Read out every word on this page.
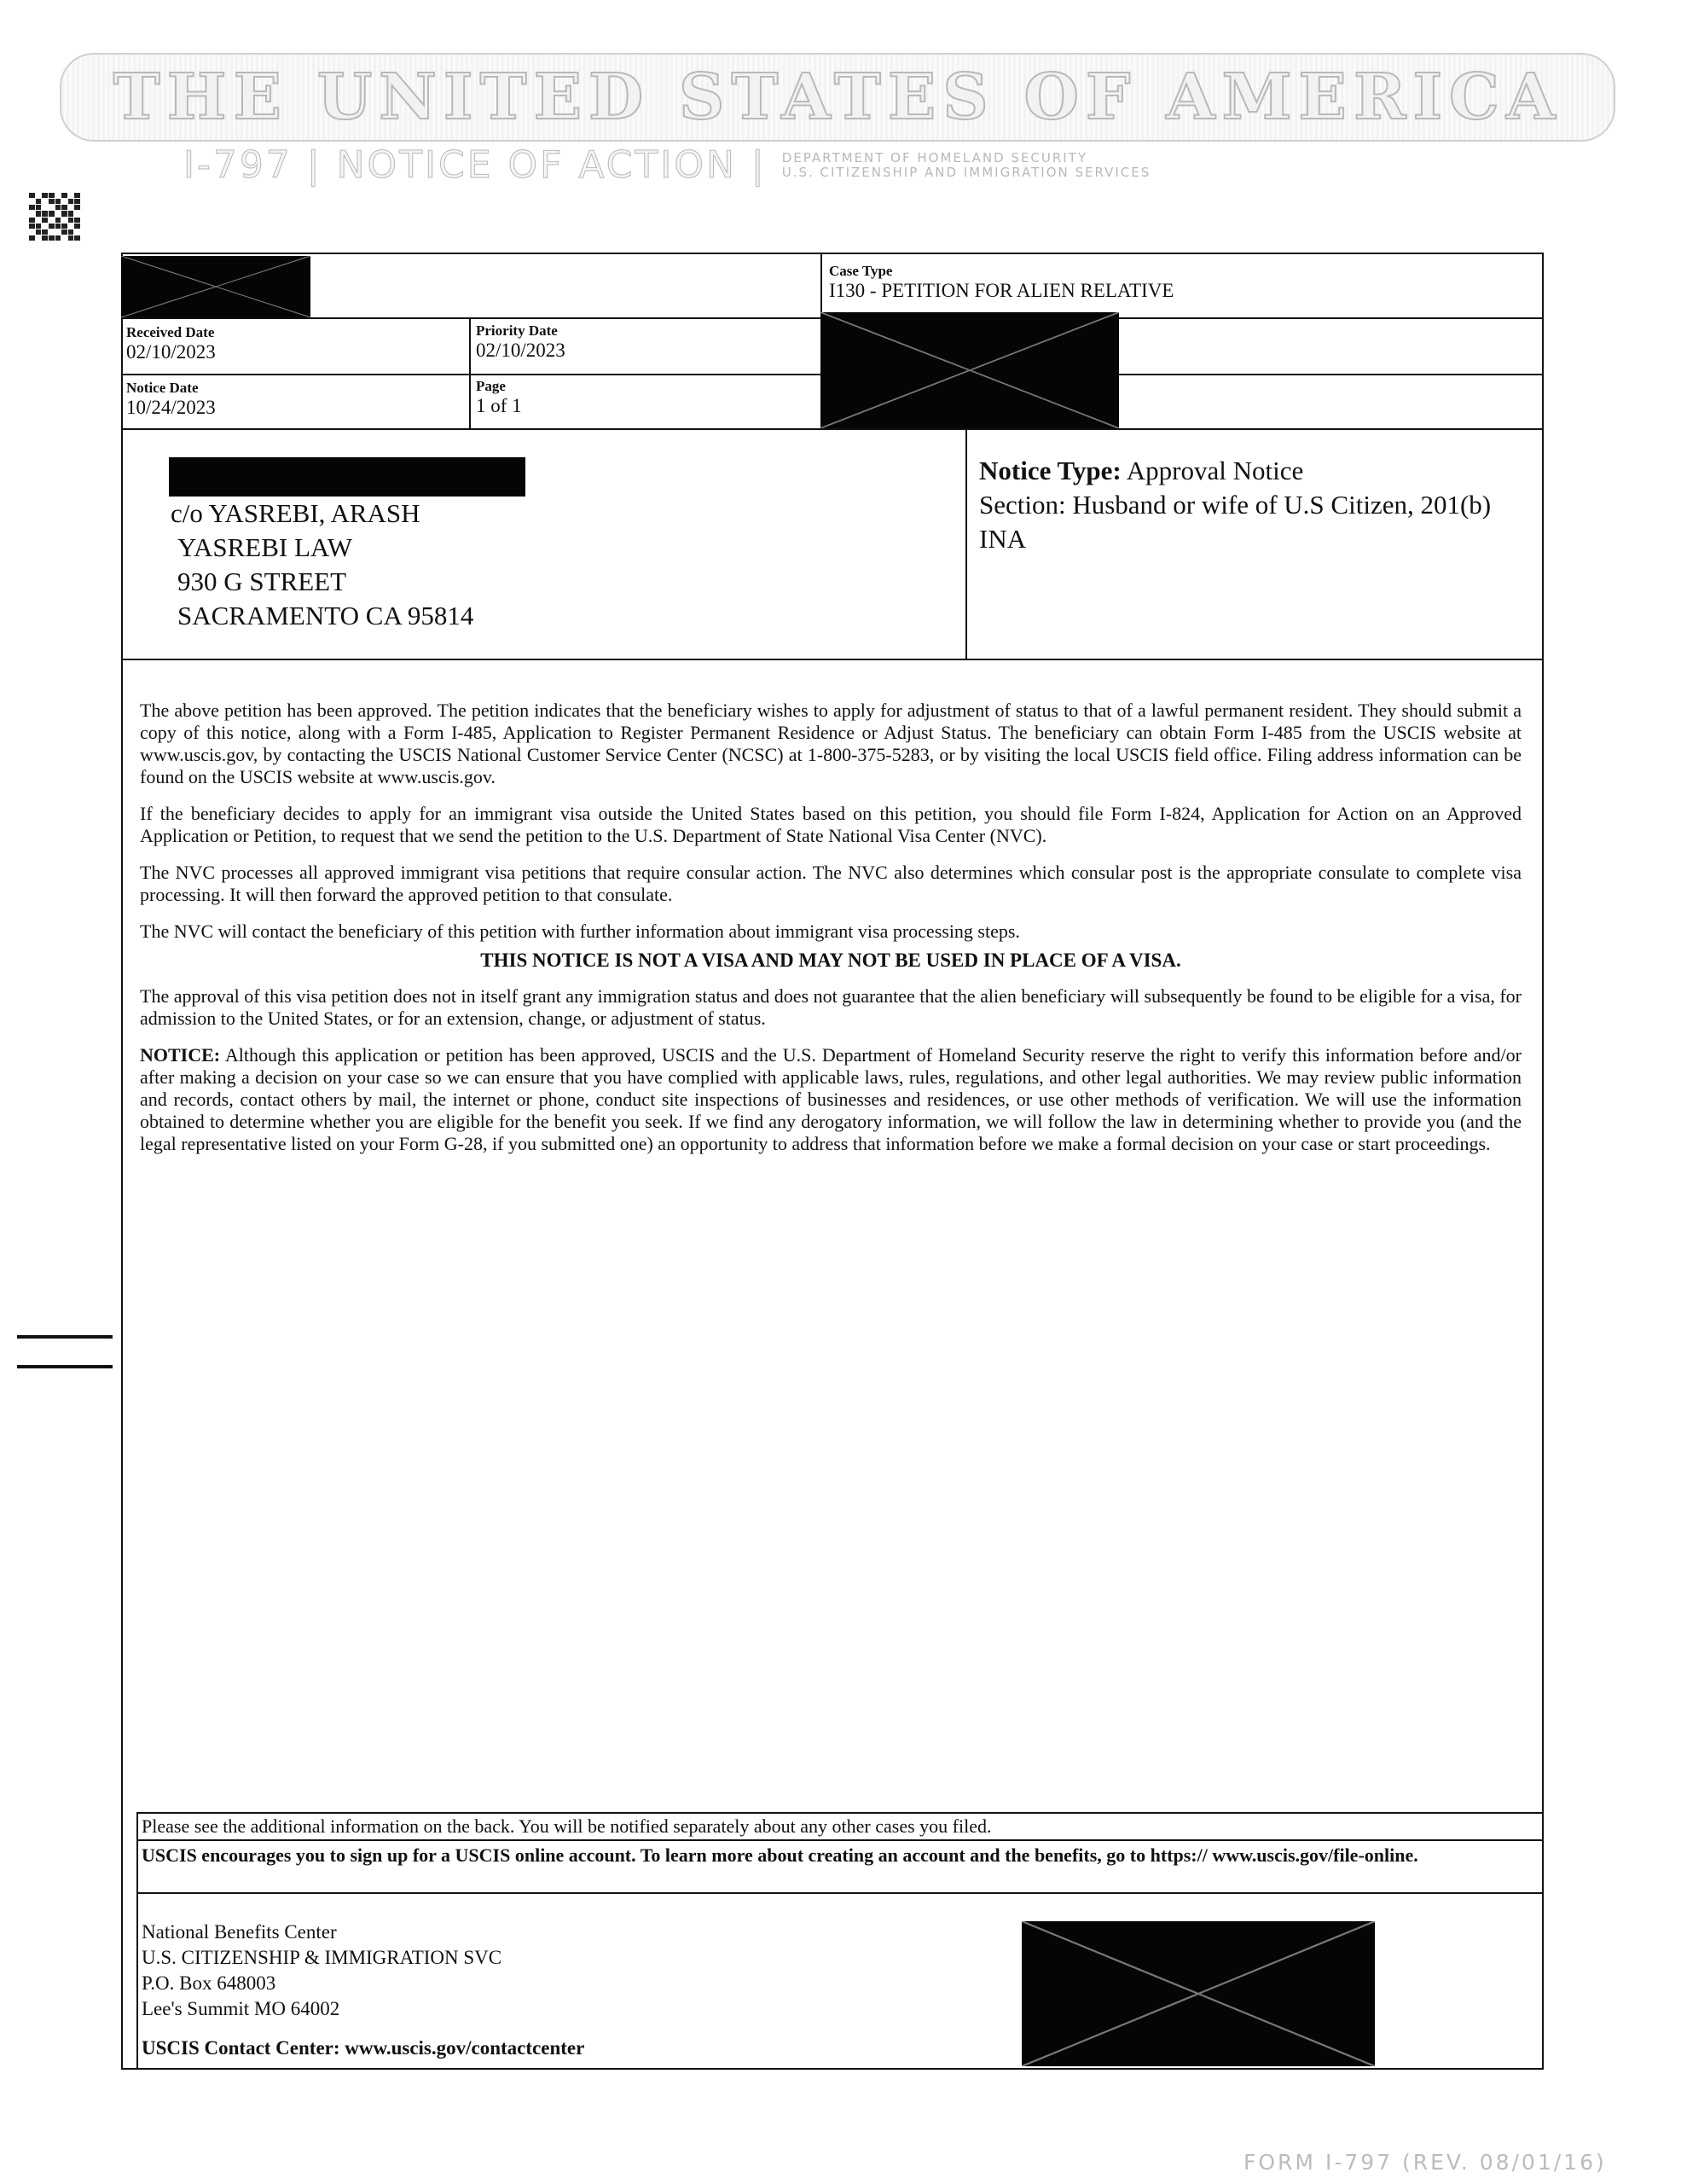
THE UNITED STATES OF AMERICA
I-797 | NOTICE OF ACTION | DEPARTMENT OF HOMELAND SECURITY
U.S. CITIZENSHIP AND IMMIGRATION SERVICES
Case Type
I130 - PETITION FOR ALIEN RELATIVE
Received Date
02/10/2023
Priority Date
02/10/2023
Notice Date
10/24/2023
Page
1 of 1
c/o YASREBI, ARASH
YASREBI LAW
930 G STREET
SACRAMENTO CA 95814
Notice Type: Approval Notice
Section: Husband or wife of U.S Citizen, 201(b)
INA

The above petition has been approved. The petition indicates that the beneficiary wishes to apply for adjustment of status to that of a lawful permanent resident. They should submit a copy of this notice, along with a Form I-485, Application to Register Permanent Residence or Adjust Status. The beneficiary can obtain Form I-485 from the USCIS website at www.uscis.gov, by contacting the USCIS National Customer Service Center (NCSC) at 1-800-375-5283, or by visiting the local USCIS field office. Filing address information can be found on the USCIS website at www.uscis.gov.

If the beneficiary decides to apply for an immigrant visa outside the United States based on this petition, you should file Form I-824, Application for Action on an Approved Application or Petition, to request that we send the petition to the U.S. Department of State National Visa Center (NVC).

The NVC processes all approved immigrant visa petitions that require consular action. The NVC also determines which consular post is the appropriate consulate to complete visa processing. It will then forward the approved petition to that consulate.

The NVC will contact the beneficiary of this petition with further information about immigrant visa processing steps.

THIS NOTICE IS NOT A VISA AND MAY NOT BE USED IN PLACE OF A VISA.

The approval of this visa petition does not in itself grant any immigration status and does not guarantee that the alien beneficiary will subsequently be found to be eligible for a visa, for admission to the United States, or for an extension, change, or adjustment of status.

NOTICE: Although this application or petition has been approved, USCIS and the U.S. Department of Homeland Security reserve the right to verify this information before and/or after making a decision on your case so we can ensure that you have complied with applicable laws, rules, regulations, and other legal authorities. We may review public information and records, contact others by mail, the internet or phone, conduct site inspections of businesses and residences, or use other methods of verification. We will use the information obtained to determine whether you are eligible for the benefit you seek. If we find any derogatory information, we will follow the law in determining whether to provide you (and the legal representative listed on your Form G-28, if you submitted one) an opportunity to address that information before we make a formal decision on your case or start proceedings.

Please see the additional information on the back. You will be notified separately about any other cases you filed.
USCIS encourages you to sign up for a USCIS online account. To learn more about creating an account and the benefits, go to https:// www.uscis.gov/file-online.
National Benefits Center
U.S. CITIZENSHIP & IMMIGRATION SVC
P.O. Box 648003
Lee's Summit MO 64002
USCIS Contact Center: www.uscis.gov/contactcenter
FORM I-797 (REV. 08/01/16)
